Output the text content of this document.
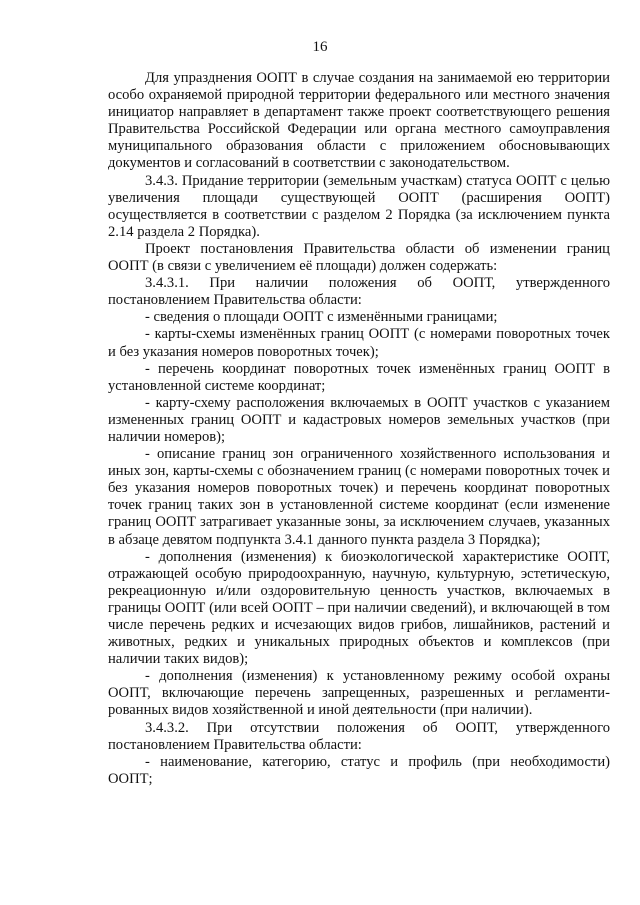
16

Для упразднения ООПТ в случае создания на занимаемой ею территории особо охраняемой природной территории федерального или местного значения инициатор направляет в департамент также проект соответствующего решения Правительства Российской Федерации или органа местного самоуправления муниципального образования области с приложением обосновывающих документов и согласований в соответствии с законодательством.

3.4.3. Придание территории (земельным участкам) статуса ООПТ с целью увеличения площади существующей ООПТ (расширения ООПТ) осуществляется в соответствии с разделом 2 Порядка (за исключением пункта 2.14 раздела 2 Порядка).

Проект постановления Правительства области об изменении границ ООПТ (в связи с увеличением её площади) должен содержать:

3.4.3.1. При наличии положения об ООПТ, утвержденного постановлением Правительства области:

- сведения о площади ООПТ с изменёнными границами;

- карты-схемы изменённых границ ООПТ (с номерами поворотных точек и без указания номеров поворотных точек);

- перечень координат поворотных точек изменённых границ ООПТ в установленной системе координат;

- карту-схему расположения включаемых в ООПТ участков с указанием измененных границ ООПТ и кадастровых номеров земельных участков (при наличии номеров);

- описание границ зон ограниченного хозяйственного использования и иных зон, карты-схемы с обозначением границ (с номерами поворотных точек и без указания номеров поворотных точек) и перечень координат поворотных точек границ таких зон в установленной системе координат (если изменение границ ООПТ затрагивает указанные зоны, за исключением случаев, указанных в абзаце девятом подпункта 3.4.1 данного пункта раздела 3 Порядка);

- дополнения (изменения) к биоэкологической характеристике ООПТ, отражающей особую природоохранную, научную, культурную, эстетическую, рекреационную и/или оздоровительную ценность участков, включаемых в границы ООПТ (или всей ООПТ – при наличии сведений), и включающей в том числе перечень редких и исчезающих видов грибов, лишайников, растений и животных, редких и уникальных природных объектов и комплексов (при наличии таких видов);

- дополнения (изменения) к установленному режиму особой охраны ООПТ, включающие перечень запрещенных, разрешенных и регламентированных видов хозяйственной и иной деятельности (при наличии).

3.4.3.2. При отсутствии положения об ООПТ, утвержденного постановлением Правительства области:

- наименование, категорию, статус и профиль (при необходимости) ООПТ;
